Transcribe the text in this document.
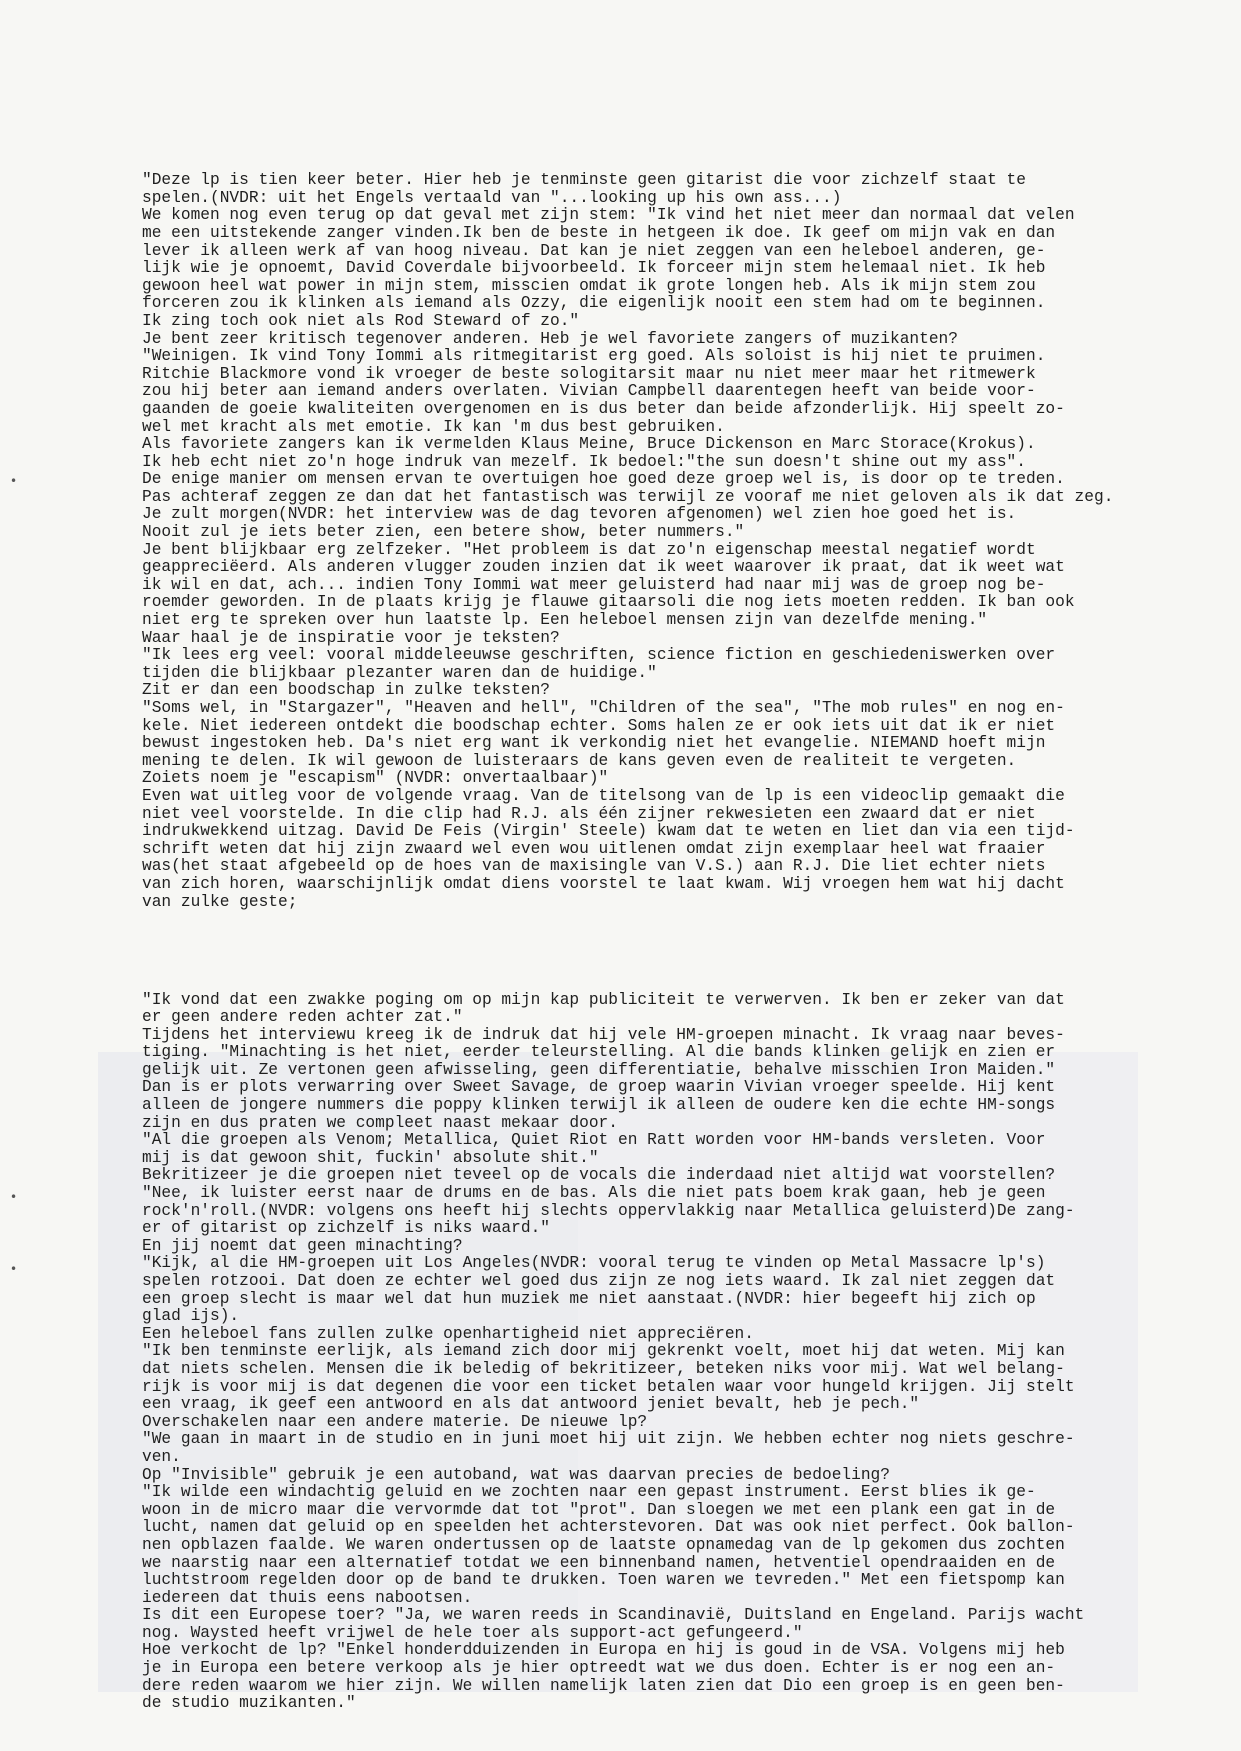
•
•
•

"Deze lp is tien keer beter. Hier heb je tenminste geen gitarist die voor zichzelf staat te
spelen.(NVDR: uit het Engels vertaald van "...looking up his own ass...)
We komen nog even terug op dat geval met zijn stem: "Ik vind het niet meer dan normaal dat velen
me een uitstekende zanger vinden.Ik ben de beste in hetgeen ik doe. Ik geef om mijn vak en dan
lever ik alleen werk af van hoog niveau. Dat kan je niet zeggen van een heleboel anderen, ge-
lijk wie je opnoemt, David Coverdale bijvoorbeeld. Ik forceer mijn stem helemaal niet. Ik heb
gewoon heel wat power in mijn stem, misscien omdat ik grote longen heb. Als ik mijn stem zou
forceren zou ik klinken als iemand als Ozzy, die eigenlijk nooit een stem had om te beginnen.
Ik zing toch ook niet als Rod Steward of zo."
Je bent zeer kritisch tegenover anderen. Heb je wel favoriete zangers of muzikanten?
"Weinigen. Ik vind Tony Iommi als ritmegitarist erg goed. Als soloist is hij niet te pruimen.
Ritchie Blackmore vond ik vroeger de beste sologitarsit maar nu niet meer maar het ritmewerk
zou hij beter aan iemand anders overlaten. Vivian Campbell daarentegen heeft van beide voor-
gaanden de goeie kwaliteiten overgenomen en is dus beter dan beide afzonderlijk. Hij speelt zo-
wel met kracht als met emotie. Ik kan 'm dus best gebruiken.
Als favoriete zangers kan ik vermelden Klaus Meine, Bruce Dickenson en Marc Storace(Krokus).
Ik heb echt niet zo'n hoge indruk van mezelf. Ik bedoel:"the sun doesn't shine out my ass".
De enige manier om mensen ervan te overtuigen hoe goed deze groep wel is, is door op te treden.
Pas achteraf zeggen ze dan dat het fantastisch was terwijl ze vooraf me niet geloven als ik dat zeg.
Je zult morgen(NVDR: het interview was de dag tevoren afgenomen) wel zien hoe goed het is.
Nooit zul je iets beter zien, een betere show, beter nummers."
Je bent blijkbaar erg zelfzeker. "Het probleem is dat zo'n eigenschap meestal negatief wordt
geappreciëerd. Als anderen vlugger zouden inzien dat ik weet waarover ik praat, dat ik weet wat
ik wil en dat, ach... indien Tony Iommi wat meer geluisterd had naar mij was de groep nog be-
roemder geworden. In de plaats krijg je flauwe gitaarsoli die nog iets moeten redden. Ik ban ook
niet erg te spreken over hun laatste lp. Een heleboel mensen zijn van dezelfde mening."
Waar haal je de inspiratie voor je teksten?
"Ik lees erg veel: vooral middeleeuwse geschriften, science fiction en geschiedeniswerken over
tijden die blijkbaar plezanter waren dan de huidige."
Zit er dan een boodschap in zulke teksten?
"Soms wel, in "Stargazer", "Heaven and hell", "Children of the sea", "The mob rules" en nog en-
kele. Niet iedereen ontdekt die boodschap echter. Soms halen ze er ook iets uit dat ik er niet
bewust ingestoken heb. Da's niet erg want ik verkondig niet het evangelie. NIEMAND hoeft mijn
mening te delen. Ik wil gewoon de luisteraars de kans geven even de realiteit te vergeten.
Zoiets noem je "escapism" (NVDR: onvertaalbaar)"
Even wat uitleg voor de volgende vraag. Van de titelsong van de lp is een videoclip gemaakt die
niet veel voorstelde. In die clip had R.J. als één zijner rekwesieten een zwaard dat er niet
indrukwekkend uitzag. David De Feis (Virgin' Steele) kwam dat te weten en liet dan via een tijd-
schrift weten dat hij zijn zwaard wel even wou uitlenen omdat zijn exemplaar heel wat fraaier
was(het staat afgebeeld op de hoes van de maxisingle van V.S.) aan R.J. Die liet echter niets
van zich horen, waarschijnlijk omdat diens voorstel te laat kwam. Wij vroegen hem wat hij dacht
van zulke geste;

"Ik vond dat een zwakke poging om op mijn kap publiciteit te verwerven. Ik ben er zeker van dat
er geen andere reden achter zat."
Tijdens het interviewu kreeg ik de indruk dat hij vele HM-groepen minacht. Ik vraag naar beves-
tiging. "Minachting is het niet, eerder teleurstelling. Al die bands klinken gelijk en zien er
gelijk uit. Ze vertonen geen afwisseling, geen differentiatie, behalve misschien Iron Maiden."
Dan is er plots verwarring over Sweet Savage, de groep waarin Vivian vroeger speelde. Hij kent
alleen de jongere nummers die poppy klinken terwijl ik alleen de oudere ken die echte HM-songs
zijn en dus praten we compleet naast mekaar door.
"Al die groepen als Venom; Metallica, Quiet Riot en Ratt worden voor HM-bands versleten. Voor
mij is dat gewoon shit, fuckin' absolute shit."
Bekritizeer je die groepen niet teveel op de vocals die inderdaad niet altijd wat voorstellen?
"Nee, ik luister eerst naar de drums en de bas. Als die niet pats boem krak gaan, heb je geen
rock'n'roll.(NVDR: volgens ons heeft hij slechts oppervlakkig naar Metallica geluisterd)De zang-
er of gitarist op zichzelf is niks waard."
En jij noemt dat geen minachting?
"Kijk, al die HM-groepen uit Los Angeles(NVDR: vooral terug te vinden op Metal Massacre lp's)
spelen rotzooi. Dat doen ze echter wel goed dus zijn ze nog iets waard. Ik zal niet zeggen dat
een groep slecht is maar wel dat hun muziek me niet aanstaat.(NVDR: hier begeeft hij zich op
glad ijs).
Een heleboel fans zullen zulke openhartigheid niet appreciëren.
"Ik ben tenminste eerlijk, als iemand zich door mij gekrenkt voelt, moet hij dat weten. Mij kan
dat niets schelen. Mensen die ik beledig of bekritizeer, beteken niks voor mij. Wat wel belang-
rijk is voor mij is dat degenen die voor een ticket betalen waar voor hungeld krijgen. Jij stelt
een vraag, ik geef een antwoord en als dat antwoord jeniet bevalt, heb je pech."
Overschakelen naar een andere materie. De nieuwe lp?
"We gaan in maart in de studio en in juni moet hij uit zijn. We hebben echter nog niets geschre-
ven.
Op "Invisible" gebruik je een autoband, wat was daarvan precies de bedoeling?
"Ik wilde een windachtig geluid en we zochten naar een gepast instrument. Eerst blies ik ge-
woon in de micro maar die vervormde dat tot "prot". Dan sloegen we met een plank een gat in de
lucht, namen dat geluid op en speelden het achterstevoren. Dat was ook niet perfect. Ook ballon-
nen opblazen faalde. We waren ondertussen op de laatste opnamedag van de lp gekomen dus zochten
we naarstig naar een alternatief totdat we een binnenband namen, hetventiel opendraaiden en de
luchtstroom regelden door op de band te drukken. Toen waren we tevreden." Met een fietspomp kan
iedereen dat thuis eens nabootsen.
Is dit een Europese toer? "Ja, we waren reeds in Scandinavië, Duitsland en Engeland. Parijs wacht
nog. Waysted heeft vrijwel de hele toer als support-act gefungeerd."
Hoe verkocht de lp? "Enkel honderdduizenden in Europa en hij is goud in de VSA. Volgens mij heb
je in Europa een betere verkoop als je hier optreedt wat we dus doen. Echter is er nog een an-
dere reden waarom we hier zijn. We willen namelijk laten zien dat Dio een groep is en geen ben-
de studio muzikanten."
